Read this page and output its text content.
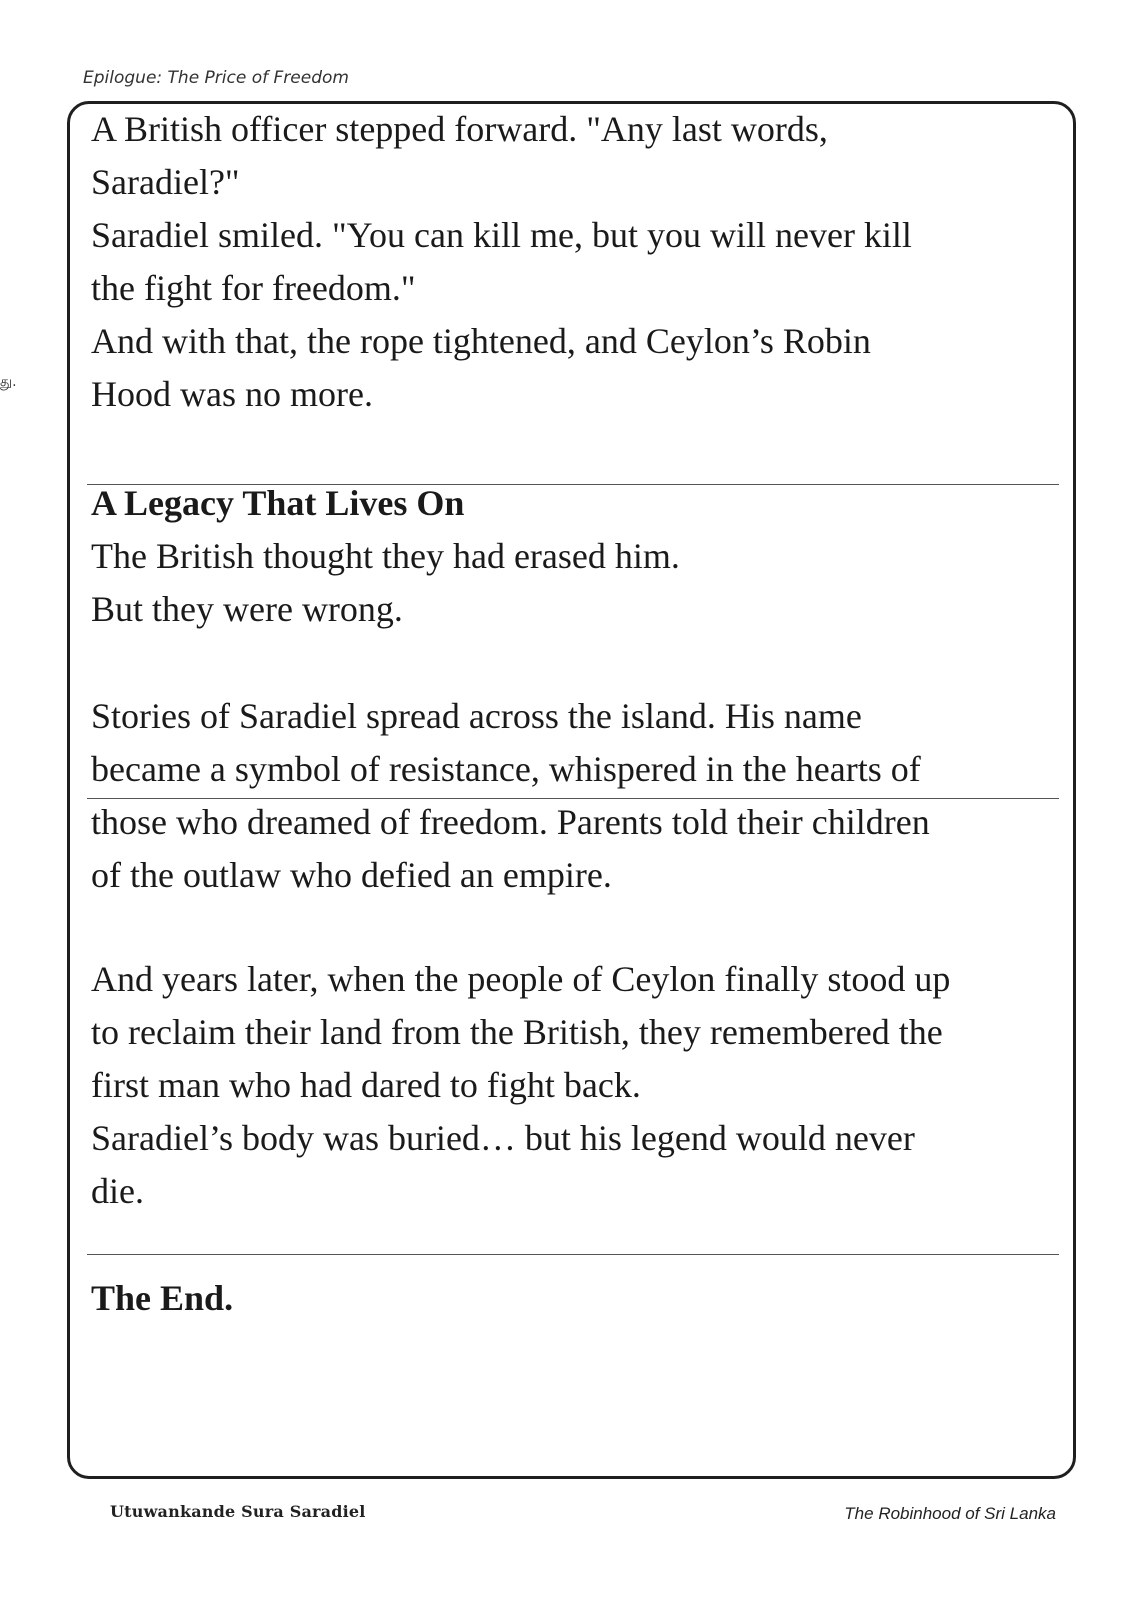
Epilogue: The Price of Freedom
து.
A British officer stepped forward. "Any last words,
Saradiel?"
Saradiel smiled. "You can kill me, but you will never kill
the fight for freedom."
And with that, the rope tightened, and Ceylon’s Robin
Hood was no more.
A Legacy That Lives On
The British thought they had erased him.
But they were wrong.
Stories of Saradiel spread across the island. His name
became a symbol of resistance, whispered in the hearts of
those who dreamed of freedom. Parents told their children
of the outlaw who defied an empire.
And years later, when the people of Ceylon finally stood up
to reclaim their land from the British, they remembered the
first man who had dared to fight back.
Saradiel’s body was buried… but his legend would never
die.
The End.
Utuwankande Sura Saradiel	The Robinhood of Sri Lanka
